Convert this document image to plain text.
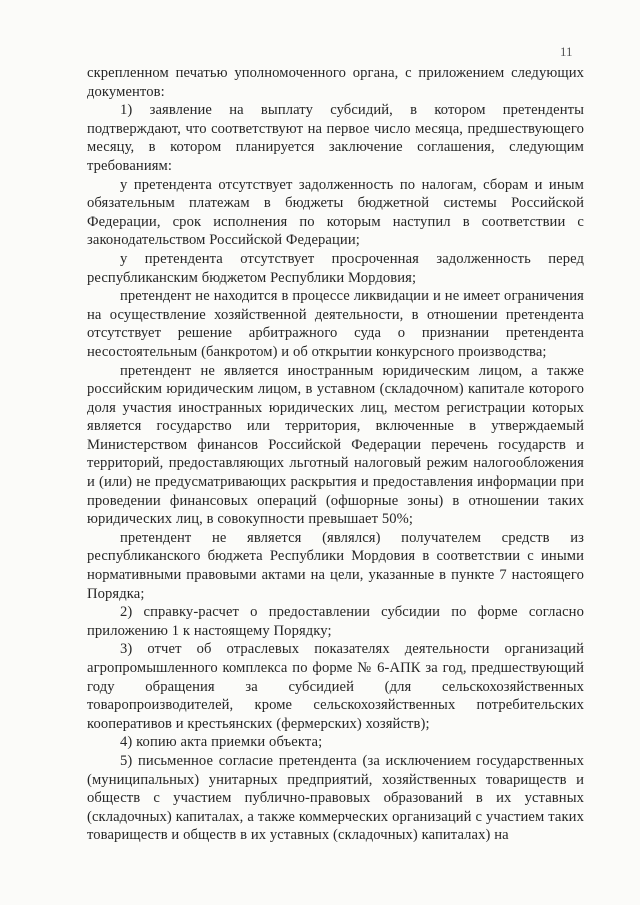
11

скрепленном печатью уполномоченного органа, с приложением следующих документов:

1) заявление на выплату субсидий, в котором претенденты подтверждают, что соответствуют на первое число месяца, предшествующего месяцу, в котором планируется заключение соглашения, следующим требованиям:

у претендента отсутствует задолженность по налогам, сборам и иным обязательным платежам в бюджеты бюджетной системы Российской Федерации, срок исполнения по которым наступил в соответствии с законодательством Российской Федерации;

у претендента отсутствует просроченная задолженность перед республиканским бюджетом Республики Мордовия;

претендент не находится в процессе ликвидации и не имеет ограничения на осуществление хозяйственной деятельности, в отношении претендента отсутствует решение арбитражного суда о признании претендента несостоятельным (банкротом) и об открытии конкурсного производства;

претендент не является иностранным юридическим лицом, а также российским юридическим лицом, в уставном (складочном) капитале которого доля участия иностранных юридических лиц, местом регистрации которых является государство или территория, включенные в утверждаемый Министерством финансов Российской Федерации перечень государств и территорий, предоставляющих льготный налоговый режим налогообложения и (или) не предусматривающих раскрытия и предоставления информации при проведении финансовых операций (офшорные зоны) в отношении таких юридических лиц, в совокупности превышает 50%;

претендент не является (являлся) получателем средств из республиканского бюджета Республики Мордовия в соответствии с иными нормативными правовыми актами на цели, указанные в пункте 7 настоящего Порядка;

2) справку-расчет о предоставлении субсидии по форме согласно приложению 1 к настоящему Порядку;

3) отчет об отраслевых показателях деятельности организаций агропромышленного комплекса по форме № 6-АПК за год, предшествующий году обращения за субсидией (для сельскохозяйственных товаропроизводителей, кроме сельскохозяйственных потребительских кооперативов и крестьянских (фермерских) хозяйств);

4) копию акта приемки объекта;

5) письменное согласие претендента (за исключением государственных (муниципальных) унитарных предприятий, хозяйственных товариществ и обществ с участием публично-правовых образований в их уставных (складочных) капиталах, а также коммерческих организаций с участием таких товариществ и обществ в их уставных (складочных) капиталах) на
